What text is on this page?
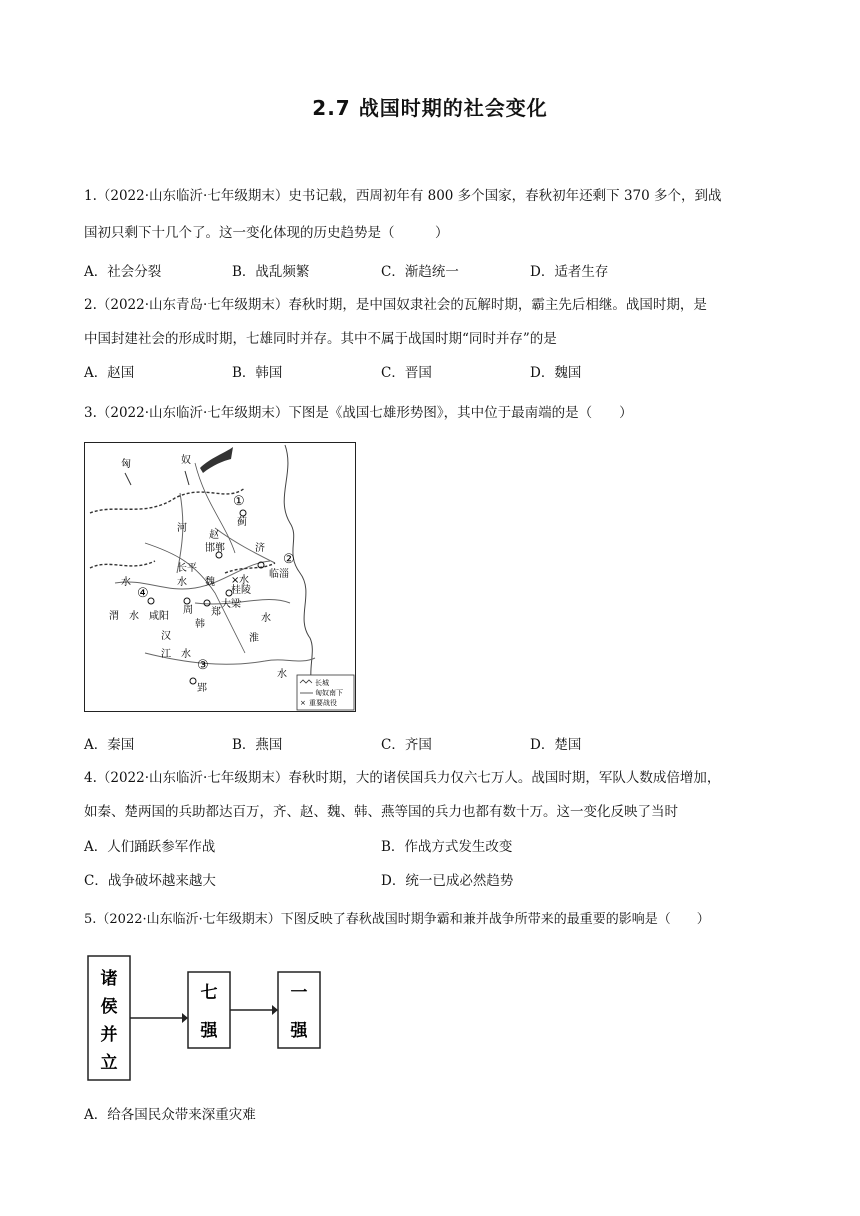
2.7 战国时期的社会变化
1.（2022·山东临沂·七年级期末）史书记载，西周初年有 800 多个国家，春秋初年还剩下 370 多个，到战
国初只剩下十几个了。这一变化体现的历史趋势是（　　　）
A．社会分裂	B．战乱频繁	C．渐趋统一	D．适者生存
2.（2022·山东青岛·七年级期末）春秋时期，是中国奴隶社会的瓦解时期，霸主先后相继。战国时期，是
中国封建社会的形成时期，七雄同时并存。其中不属于战国时期“同时并存”的是
A．赵国	B．韩国	C．晋国	D．魏国
3.（2022·山东临沂·七年级期末）下图是《战国七雄形势图》，其中位于最南端的是（　　）
长城
匈奴南下
× 重要战役
匈	奴
①
蓟
赵
河
邯郸
长平
水 魏
济
②
临淄
× 水
桂陵
④
周 郑
大梁
韩
渭 水 咸阳	水
淮
汉
江 水
③
郢
水
水
A．秦国	B．燕国	C．齐国	D．楚国
4.（2022·山东临沂·七年级期末）春秋时期，大的诸侯国兵力仅六七万人。战国时期，军队人数成倍增加，
如秦、楚两国的兵助都达百万，齐、赵、魏、韩、燕等国的兵力也都有数十万。这一变化反映了当时
A．人们踊跃参军作战	B．作战方式发生改变
C．战争破坏越来越大	D．统一已成必然趋势
5.（2022·山东临沂·七年级期末）下图反映了春秋战国时期争霸和兼并战争所带来的最重要的影响是（　　）
诸
侯
并
立
七
强
一
强
A．给各国民众带来深重灾难
